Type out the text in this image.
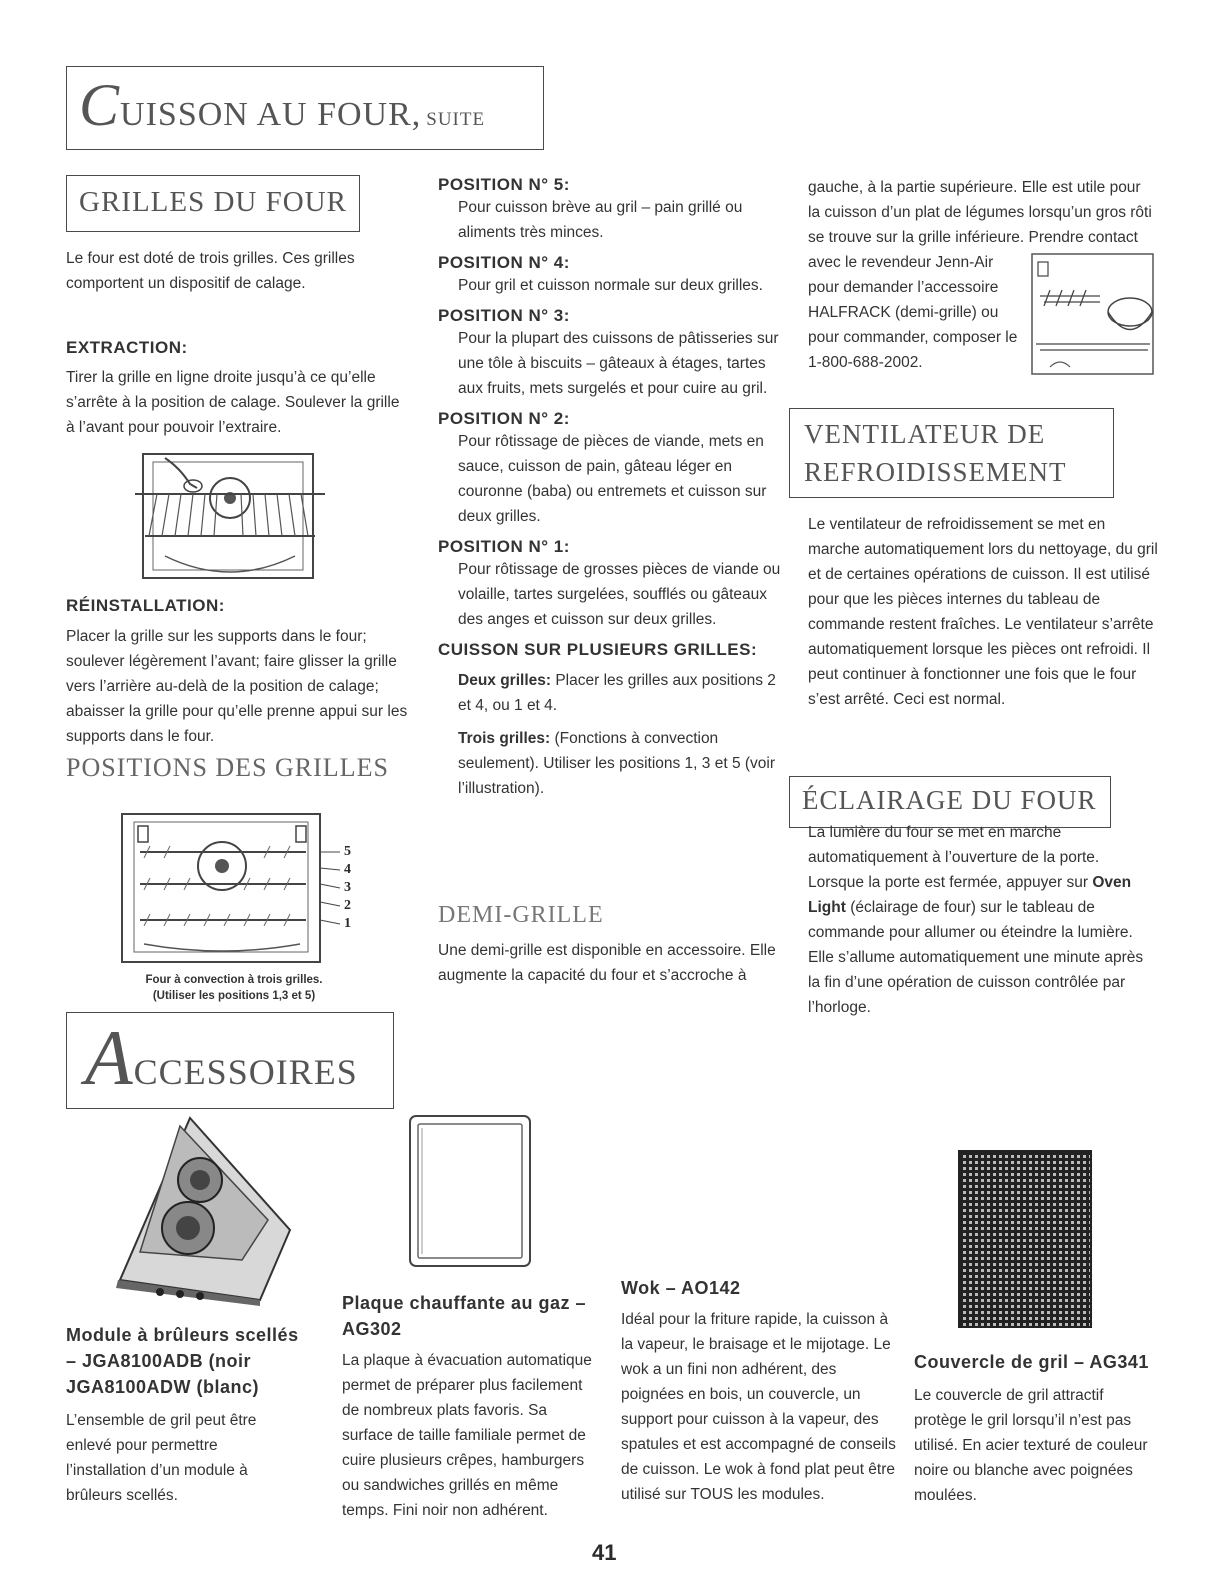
CUISSON AU FOUR, SUITE
GRILLES DU FOUR

Le four est doté de trois grilles. Ces grilles comportent un dispositif de calage.

EXTRACTION:

Tirer la grille en ligne droite jusqu’à ce qu’elle s’arrête à la position de calage. Soulever la grille à l’avant pour pouvoir l’extraire.

RÉINSTALLATION:

Placer la grille sur les supports dans le four; soulever légèrement l’avant; faire glisser la grille vers l’arrière au-delà de la position de calage; abaisser la grille pour qu’elle prenne appui sur les supports dans le four.

POSITIONS DES GRILLES
5
4
3
2
1
Four à convection à trois grilles.
(Utiliser les positions 1,3 et 5)
POSITION N° 5:
Pour cuisson brève au gril – pain grillé ou aliments très minces.
POSITION N° 4:
Pour gril et cuisson normale sur deux grilles.
POSITION N° 3:
Pour la plupart des cuissons de pâtisseries sur une tôle à biscuits – gâteaux à étages, tartes aux fruits, mets surgelés et pour cuire au gril.
POSITION N° 2:
Pour rôtissage de pièces de viande, mets en sauce, cuisson de pain, gâteau léger en couronne (baba) ou entremets et cuisson sur deux grilles.
POSITION N° 1:
Pour rôtissage de grosses pièces de viande ou volaille, tartes surgelées, soufflés ou gâteaux des anges et cuisson sur deux grilles.
CUISSON SUR PLUSIEURS GRILLES:
Deux grilles: Placer les grilles aux positions 2 et 4, ou 1 et 4.
Trois grilles: (Fonctions à convection seulement). Utiliser les positions 1, 3 et 5 (voir l’illustration).
DEMI-GRILLE
Une demi-grille est disponible en accessoire. Elle augmente la capacité du four et s’accroche à
gauche, à la partie supérieure. Elle est utile pour la cuisson d’un plat de légumes lorsqu’un gros rôti se trouve sur la grille inférieure. Prendre contact
avec le revendeur Jenn-Air pour demander l’accessoire HALFRACK (demi-grille) ou pour commander, composer le 1-800-688-2002.
VENTILATEUR DE
REFROIDISSEMENT
Le ventilateur de refroidissement se met en marche automatiquement lors du nettoyage, du gril et de certaines opérations de cuisson. Il est utilisé pour que les pièces internes du tableau de commande restent fraîches. Le ventilateur s’arrête automatiquement lorsque les pièces ont refroidi. Il peut continuer à fonctionner une fois que le four s’est arrêté. Ceci est normal.
ÉCLAIRAGE DU FOUR
La lumière du four se met en marche automatiquement à l’ouverture de la porte. Lorsque la porte est fermée, appuyer sur Oven Light (éclairage de four) sur le tableau de commande pour allumer ou éteindre la lumière. Elle s’allume automatiquement une minute après la fin d’une opération de cuisson contrôlée par l’horloge.
ACCESSOIRES
Module à brûleurs scellés – JGA8100ADB (noir JGA8100ADW (blanc)
L’ensemble de gril peut être enlevé pour permettre l’installation d’un module à brûleurs scellés.
Plaque chauffante au gaz – AG302
La plaque à évacuation automatique permet de préparer plus facilement de nombreux plats favoris. Sa surface de taille familiale permet de cuire plusieurs crêpes, hamburgers ou sandwiches grillés en même temps. Fini noir non adhérent.
Wok – AO142
Idéal pour la friture rapide, la cuisson à la vapeur, le braisage et le mijotage. Le wok a un fini non adhérent, des poignées en bois, un couvercle, un support pour cuisson à la vapeur, des spatules et est accompagné de conseils de cuisson. Le wok à fond plat peut être utilisé sur TOUS les modules.
Couvercle de gril – AG341
Le couvercle de gril attractif protège le gril lorsqu’il n’est pas utilisé. En acier texturé de couleur noire ou blanche avec poignées moulées.
41
